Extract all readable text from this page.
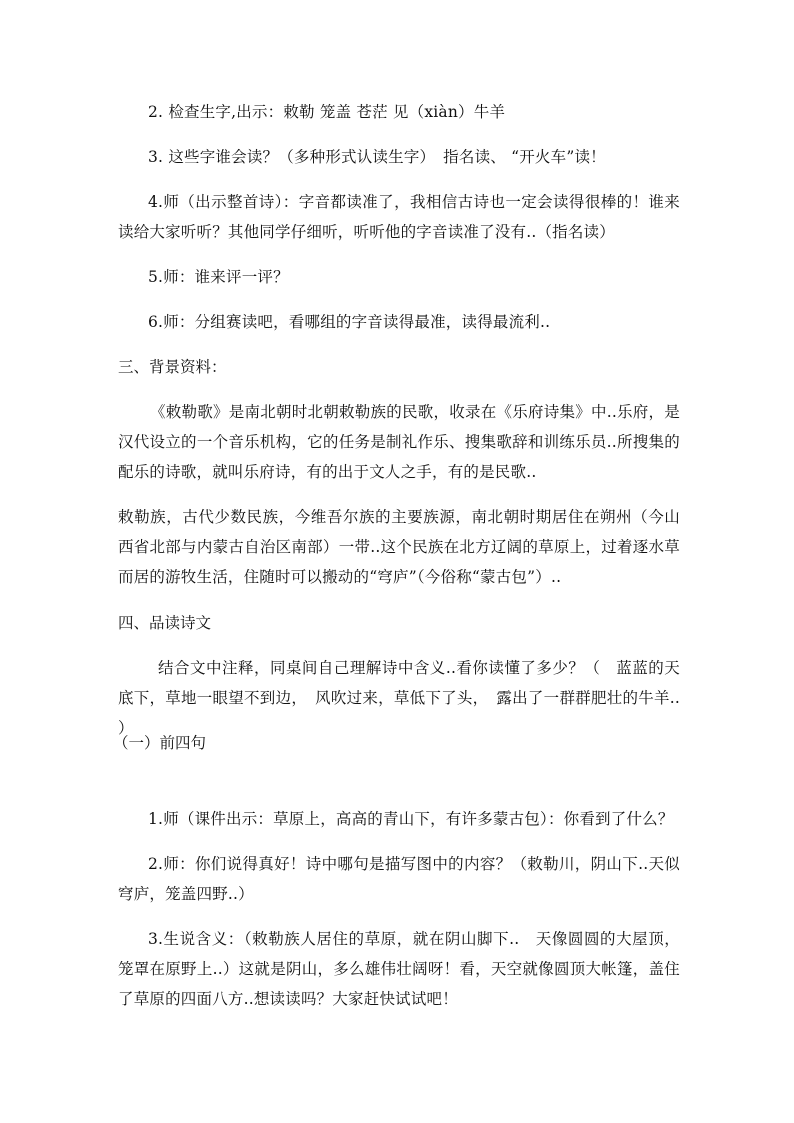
2. 检查生字,出示：敕勒 笼盖 苍茫 见（xiàn）牛羊
3. 这些字谁会读？（多种形式认读生字）　指名读、 “开火车”读！
4.师（出示整首诗）：字音都读准了，我相信古诗也一定会读得很棒的！谁来读给大家听听？其他同学仔细听，听听他的字音读准了没有..（指名读）
5.师：谁来评一评？
6.师：分组赛读吧，看哪组的字音读得最准，读得最流利..
三、背景资料：
《敕勒歌》是南北朝时北朝敕勒族的民歌，收录在《乐府诗集》中..乐府，是汉代设立的一个音乐机构，它的任务是制礼作乐、搜集歌辞和训练乐员..所搜集的配乐的诗歌，就叫乐府诗，有的出于文人之手，有的是民歌..
敕勒族，古代少数民族，今维吾尔族的主要族源，南北朝时期居住在朔州（今山西省北部与内蒙古自治区南部）一带..这个民族在北方辽阔的草原上，过着逐水草而居的游牧生活，住随时可以搬动的“穹庐”（今俗称“蒙古包”）..
四、品读诗文
结合文中注释，同桌间自己理解诗中含义..看你读懂了多少？（　蓝蓝的天底下，草地一眼望不到边，　风吹过来，草低下了头，　露出了一群群肥壮的牛羊..　）
（一）前四句
1.师（课件出示：草原上，高高的青山下，有许多蒙古包）：你看到了什么？
2.师：你们说得真好！诗中哪句是描写图中的内容？（敕勒川，阴山下..天似穹庐，笼盖四野..）
3.生说含义：（敕勒族人居住的草原，就在阴山脚下..　天像圆圆的大屋顶，笼罩在原野上..）这就是阴山，多么雄伟壮阔呀！看，天空就像圆顶大帐篷，盖住了草原的四面八方..想读读吗？大家赶快试试吧！
